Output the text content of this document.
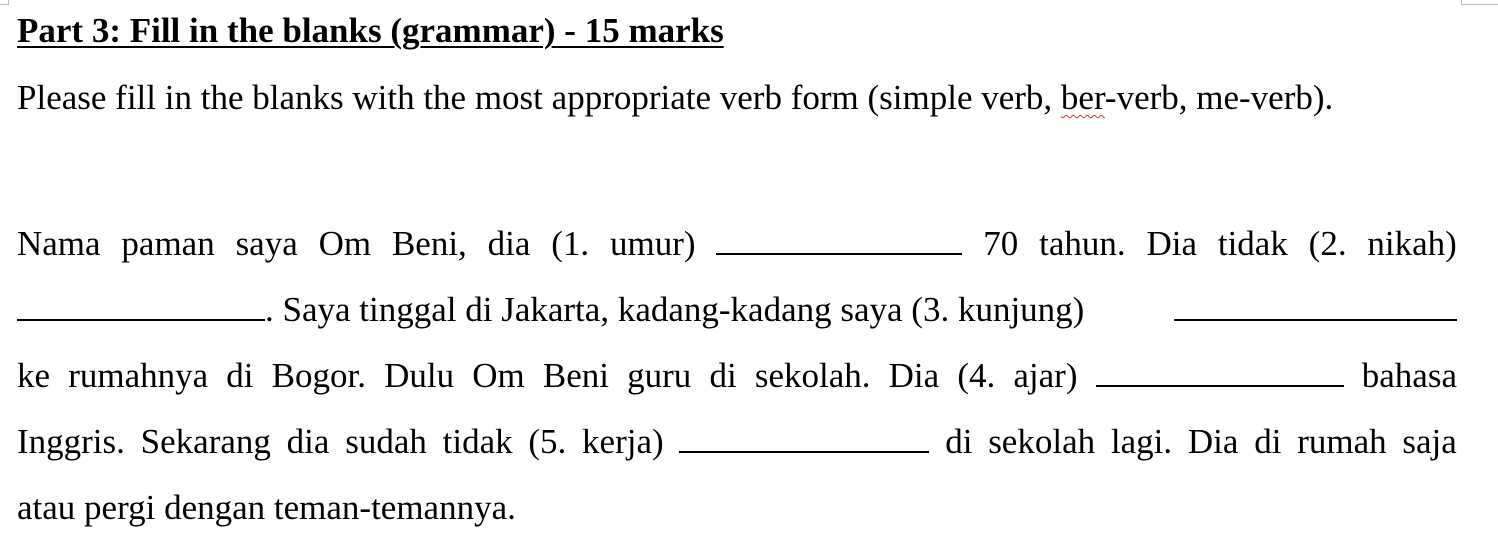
Part 3: Fill in the blanks (grammar) - 15 marks

Please fill in the blanks with the most appropriate verb form (simple verb, ber-verb, me-verb).

Nama paman saya Om Beni, dia (1. umur)	70 tahun. Dia tidak (2. nikah)
. Saya tinggal di Jakarta, kadang-kadang saya (3. kunjung)
ke rumahnya di Bogor. Dulu Om Beni guru di sekolah. Dia (4. ajar)	bahasa
Inggris. Sekarang dia sudah tidak (5. kerja)	di sekolah lagi. Dia di rumah saja
atau pergi dengan teman-temannya.
